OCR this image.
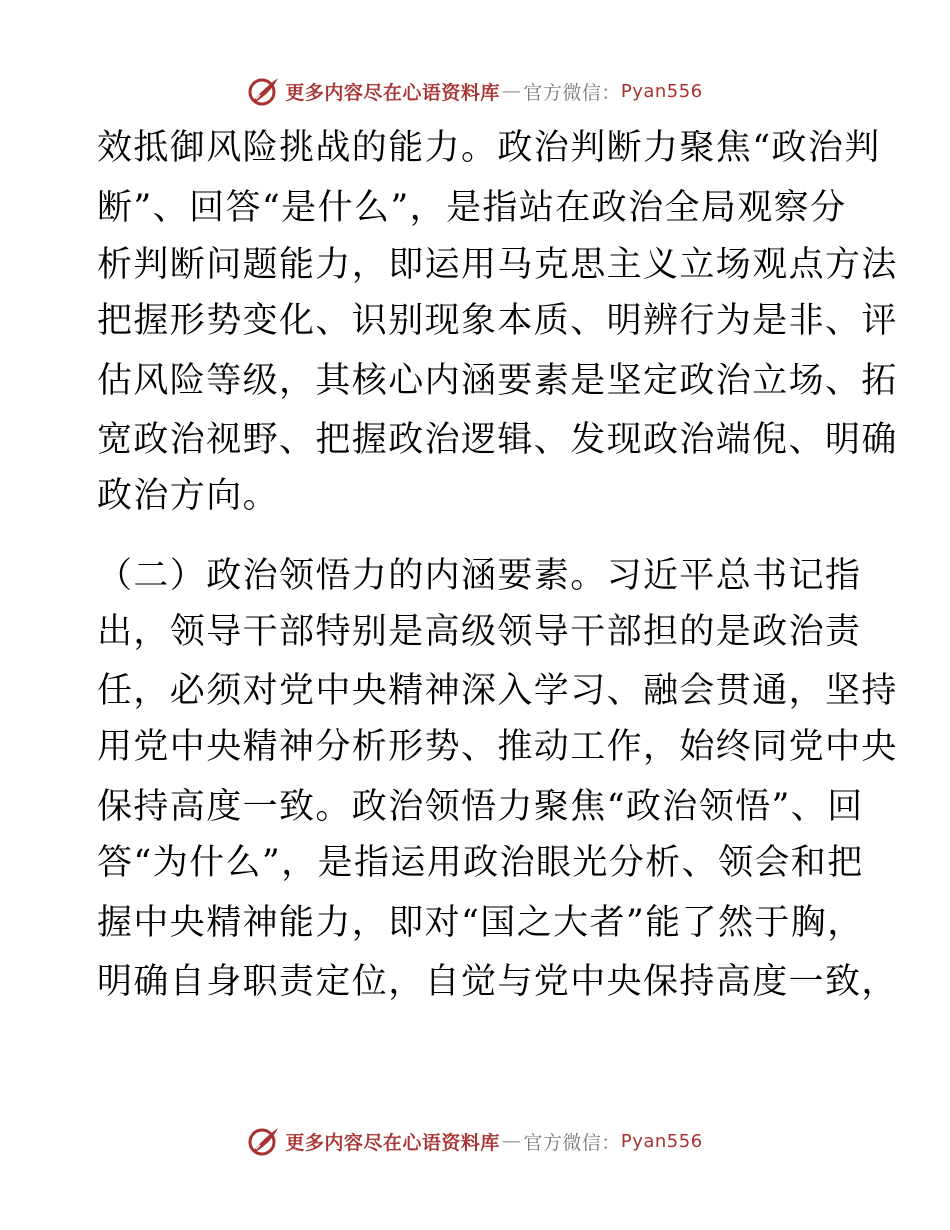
更多内容尽在心语资料库 — 官方微信： Pyan556
效抵御风险挑战的能力。政治判断力聚焦“政治判
断”、回答“是什么”，是指站在政治全局观察分
析判断问题能力，即运用马克思主义立场观点方法
把握形势变化、识别现象本质、明辨行为是非、评
估风险等级，其核心内涵要素是坚定政治立场、拓
宽政治视野、把握政治逻辑、发现政治端倪、明确
政治方向。
（二）政治领悟力的内涵要素。习近平总书记指
出，领导干部特别是高级领导干部担的是政治责
任，必须对党中央精神深入学习、融会贯通，坚持
用党中央精神分析形势、推动工作，始终同党中央
保持高度一致。政治领悟力聚焦“政治领悟”、回
答“为什么”，是指运用政治眼光分析、领会和把
握中央精神能力，即对“国之大者”能了然于胸，
明确自身职责定位，自觉与党中央保持高度一致，
更多内容尽在心语资料库 — 官方微信： Pyan556
